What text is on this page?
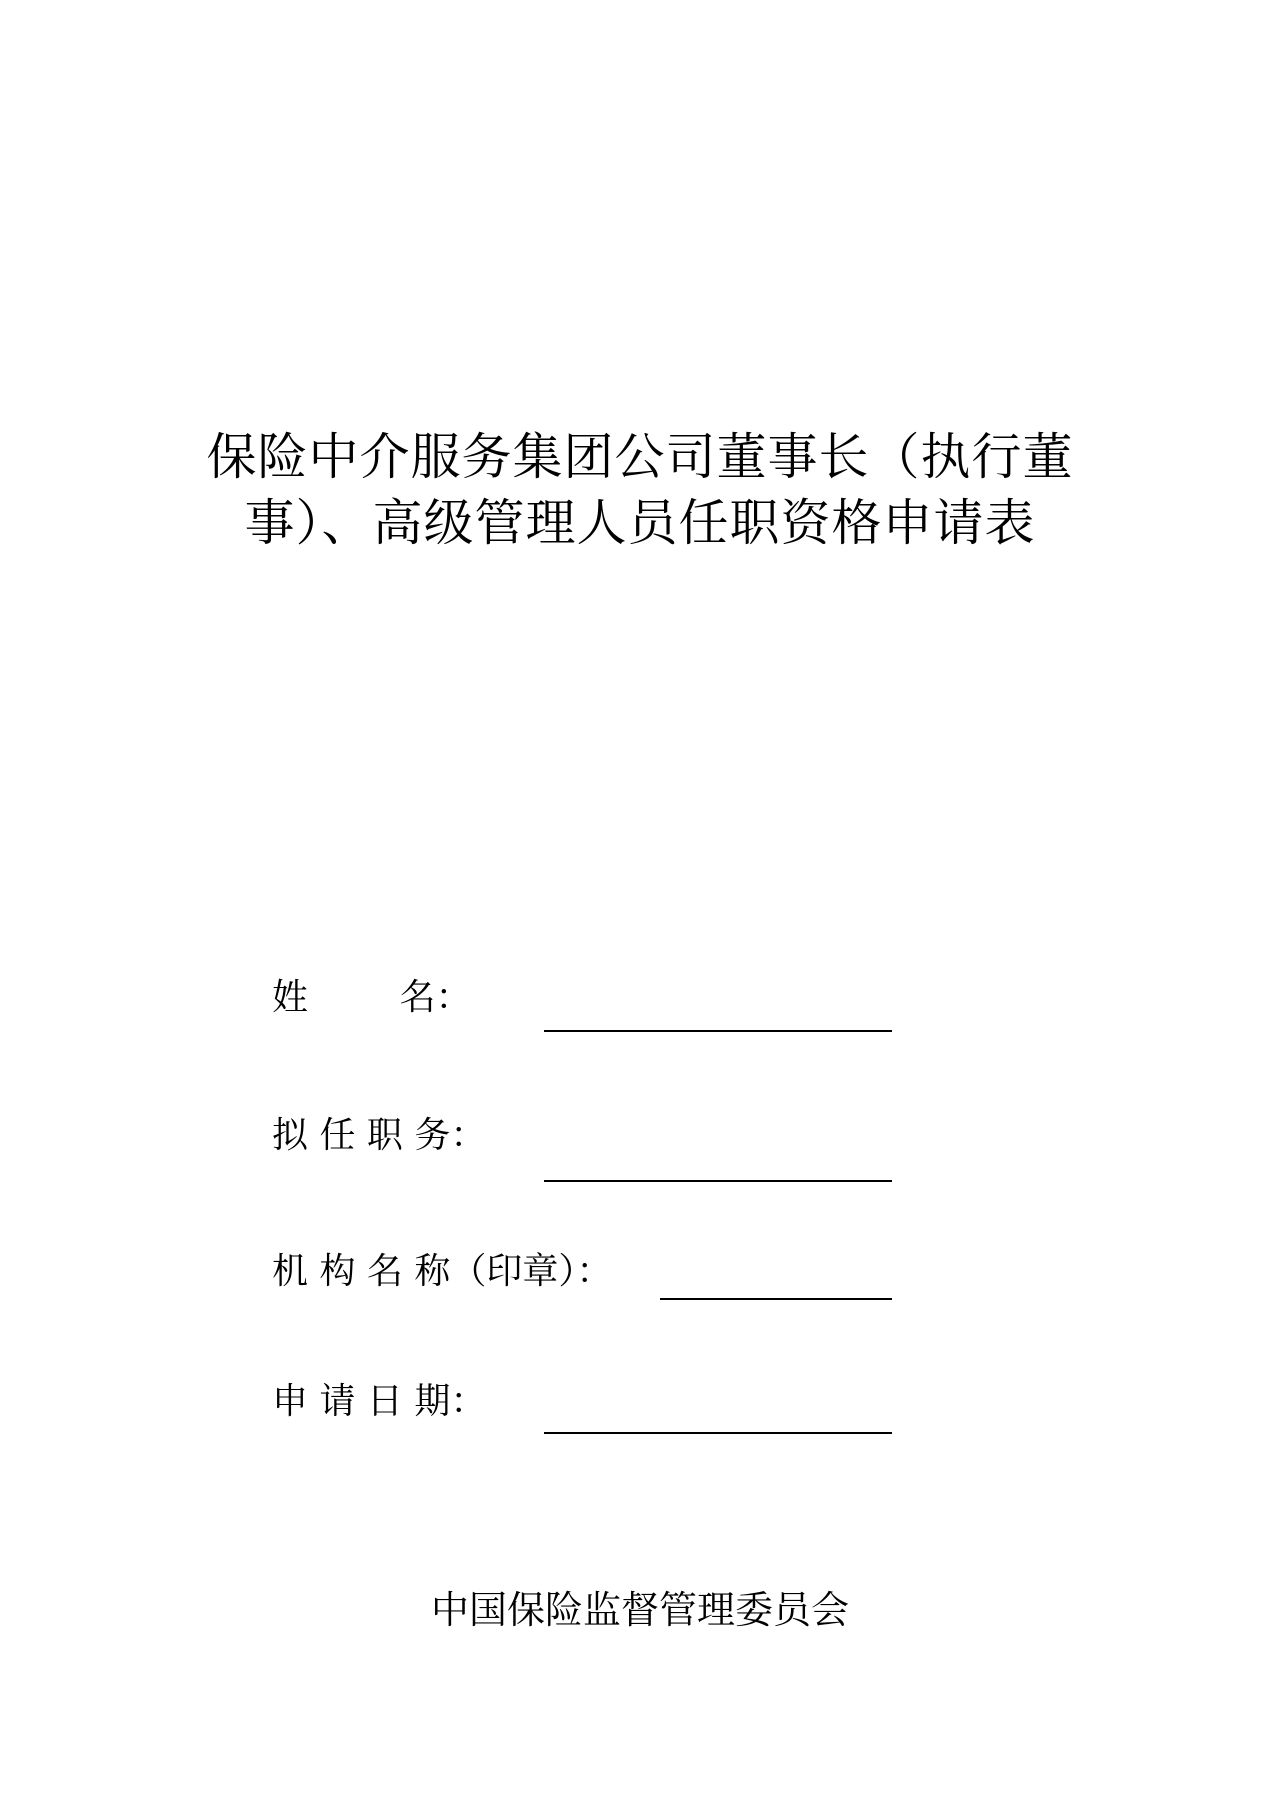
保险中介服务集团公司董事长（执行董
事）、高级管理人员任职资格申请表
姓        名：
拟 任 职 务：
机 构 名 称（印章）：
申 请 日 期：
中国保险监督管理委员会
